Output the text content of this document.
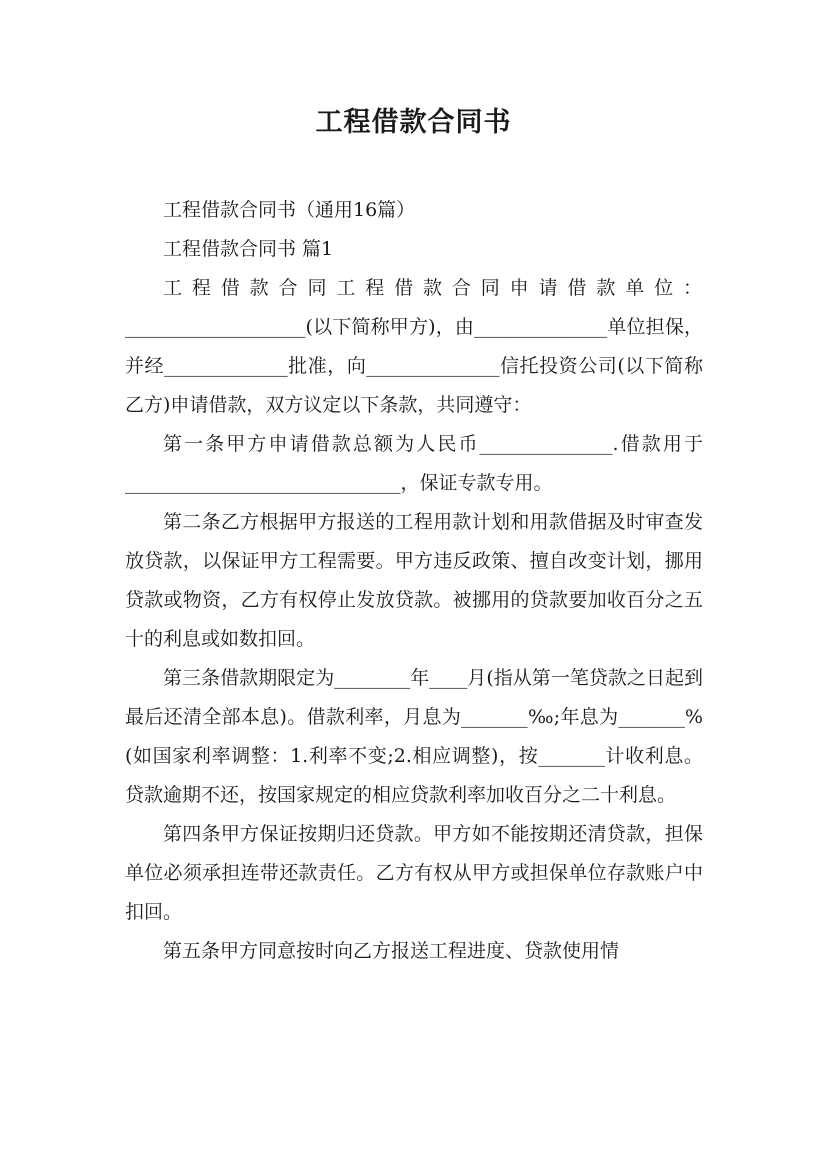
工程借款合同书

工程借款合同书（通用16篇）

工程借款合同书 篇1

工程借款合同工程借款合同申请借款单位：

___________________(以下简称甲方)，由______________单位担保，并经_____________批准，向______________信托投资公司(以下简称乙方)申请借款，双方议定以下条款，共同遵守：

第一条甲方申请借款总额为人民币______________.借款用于_____________________________，保证专款专用。

第二条乙方根据甲方报送的工程用款计划和用款借据及时审查发放贷款，以保证甲方工程需要。甲方违反政策、擅自改变计划，挪用贷款或物资，乙方有权停止发放贷款。被挪用的贷款要加收百分之五十的利息或如数扣回。

第三条借款期限定为________年____月(指从第一笔贷款之日起到最后还清全部本息)。借款利率，月息为_______‰;年息为_______%(如国家利率调整：1.利率不变;2.相应调整)，按_______计收利息。贷款逾期不还，按国家规定的相应贷款利率加收百分之二十利息。

第四条甲方保证按期归还贷款。甲方如不能按期还清贷款，担保单位必须承担连带还款责任。乙方有权从甲方或担保单位存款账户中扣回。

第五条甲方同意按时向乙方报送工程进度、贷款使用情
